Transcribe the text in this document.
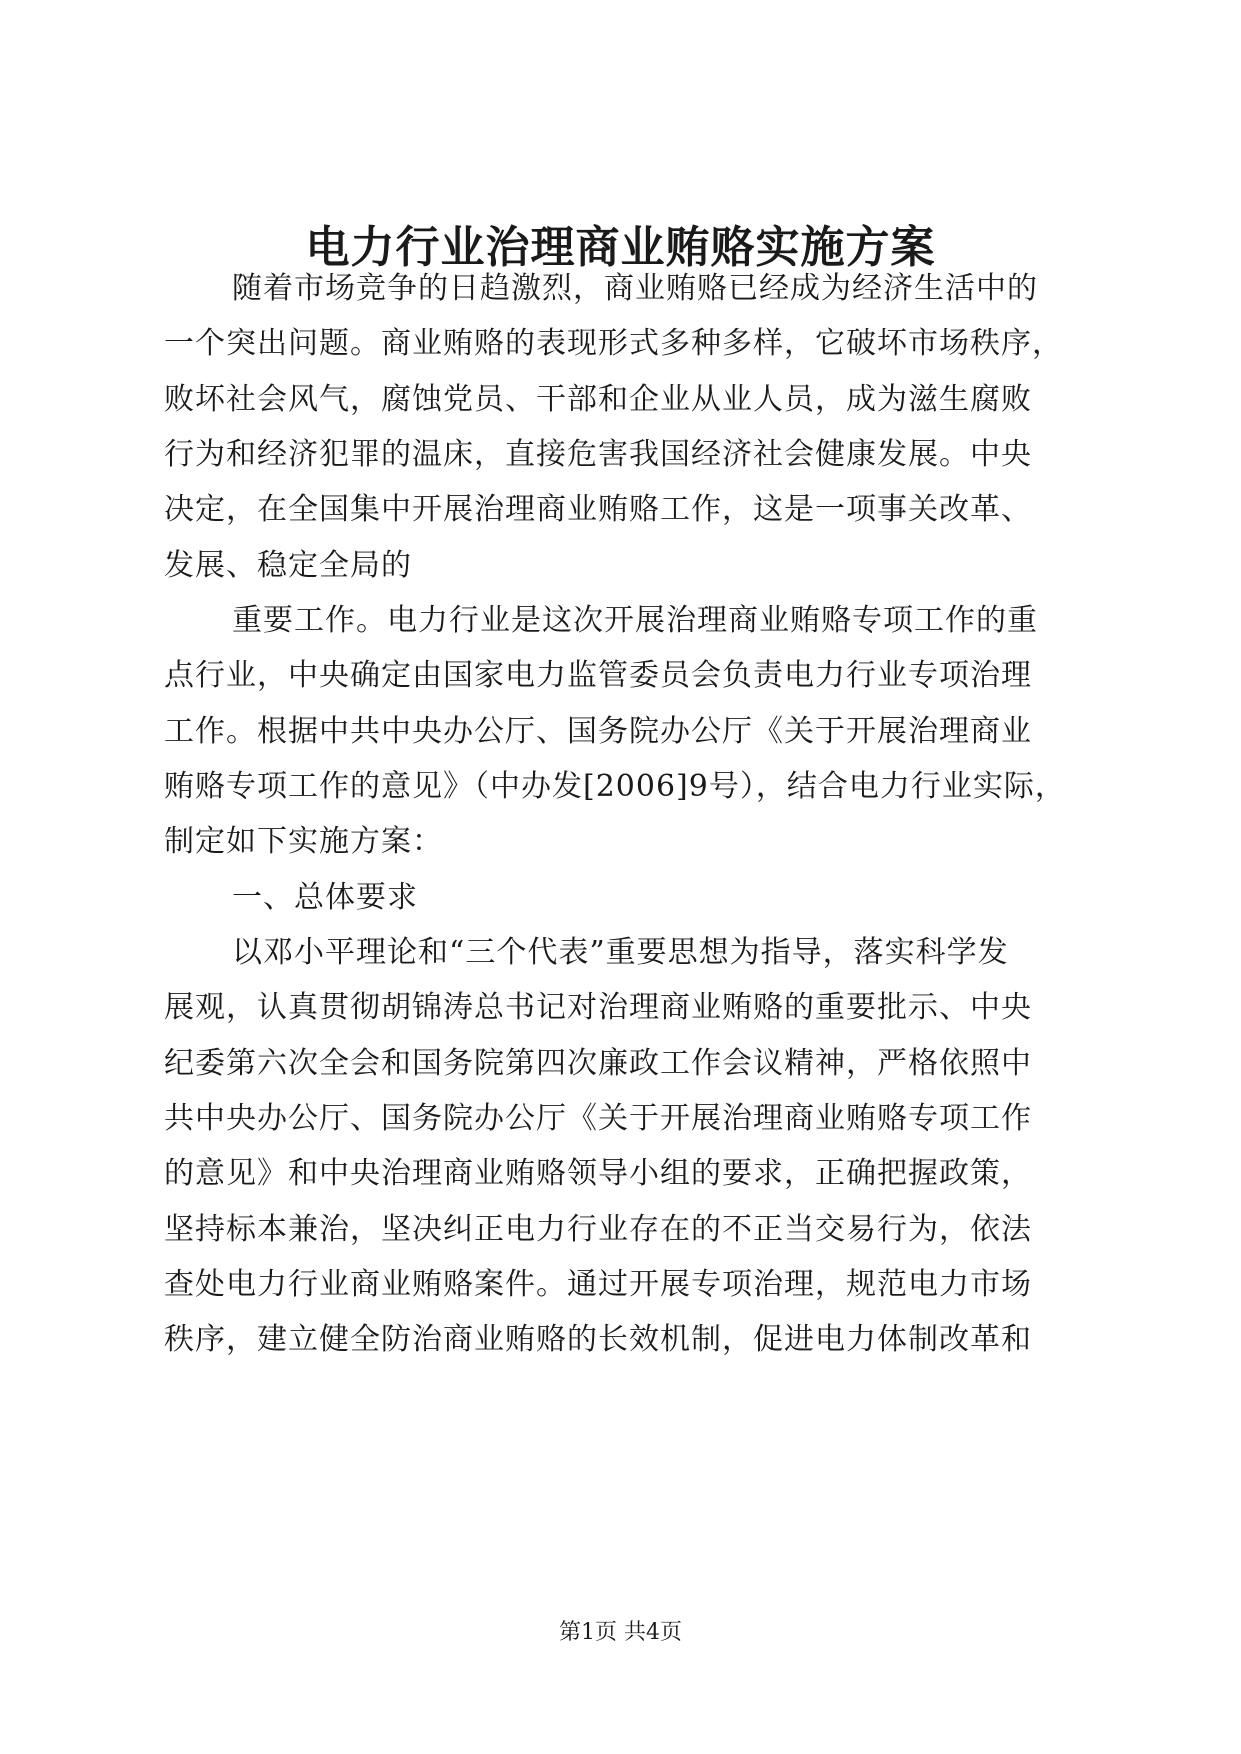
电力行业治理商业贿赂实施方案

随着市场竞争的日趋激烈，商业贿赂已经成为经济生活中的

一个突出问题。商业贿赂的表现形式多种多样，它破坏市场秩序，

败坏社会风气，腐蚀党员、干部和企业从业人员，成为滋生腐败

行为和经济犯罪的温床，直接危害我国经济社会健康发展。中央

决定，在全国集中开展治理商业贿赂工作，这是一项事关改革、

发展、稳定全局的

重要工作。电力行业是这次开展治理商业贿赂专项工作的重

点行业，中央确定由国家电力监管委员会负责电力行业专项治理

工作。根据中共中央办公厅、国务院办公厅《关于开展治理商业

贿赂专项工作的意见》（中办发[2006]9号），结合电力行业实际，

制定如下实施方案：

一、总体要求

以邓小平理论和“三个代表”重要思想为指导，落实科学发

展观，认真贯彻胡锦涛总书记对治理商业贿赂的重要批示、中央

纪委第六次全会和国务院第四次廉政工作会议精神，严格依照中

共中央办公厅、国务院办公厅《关于开展治理商业贿赂专项工作

的意见》和中央治理商业贿赂领导小组的要求，正确把握政策，

坚持标本兼治，坚决纠正电力行业存在的不正当交易行为，依法

查处电力行业商业贿赂案件。通过开展专项治理，规范电力市场

秩序，建立健全防治商业贿赂的长效机制，促进电力体制改革和

第1页 共4页
